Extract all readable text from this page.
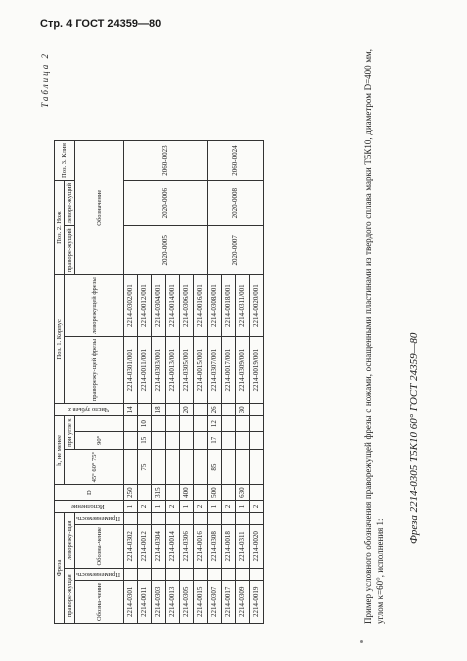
Стр. 4 ГОСТ 24359—80
Таблица 2
Фреза				Исполнение	D	h, не менее			Число зубьев z	Поз. 1. Корпус		Поз. 2. Нож		Поз. 3. Клин
праворе-жущая		леворежу-щая				45° 60° 75°	при угле κ			праворежу-щей фрезы	леворежущей фрезы	праворе-жущий	леворе-жущий	
Обозна-чение	Применяемость	Обозна-чение	Применяемость				90°					Обозначение		
2214-0301		2214-0302		1	250				14	2214-0301/001	2214-0302/001	2020-0005	2020-0006	2060-0023
2214-0011		2214-0012		2		75	15	10		2214-0011/001	2214-0012/001			
2214-0303		2214-0304		1	315				18	2214-0303/001	2214-0304/001			
2214-0013		2214-0014		2						2214-0013/001	2214-0014/001			
2214-0305		2214-0306		1	400				20	2214-0305/001	2214-0306/001			
2214-0015		2214-0016		2						2214-0015/001	2214-0016/001			
2214-0307		2214-0308		1	500	85	17	12	26	2214-0307/001	2214-0308/001	2020-0007	2020-0008	2060-0024
2214-0017		2214-0018		2						2214-0017/001	2214-0018/001			
2214-0309		2214-0311		1	630				30	2214-0309/001	2214-0311/001			
2214-0019		2214-0020		2						2214-0019/001	2214-0020/001				Пример условного обозначения праворежущей фрезы с ножами, оснащенными пластинами из твердого сплава марки Т5К10, диаметром D=400 мм, углом κ=60°, исполнения 1:
Фреза 2214-0305 Т5К10 60° ГОСТ 24359—80
